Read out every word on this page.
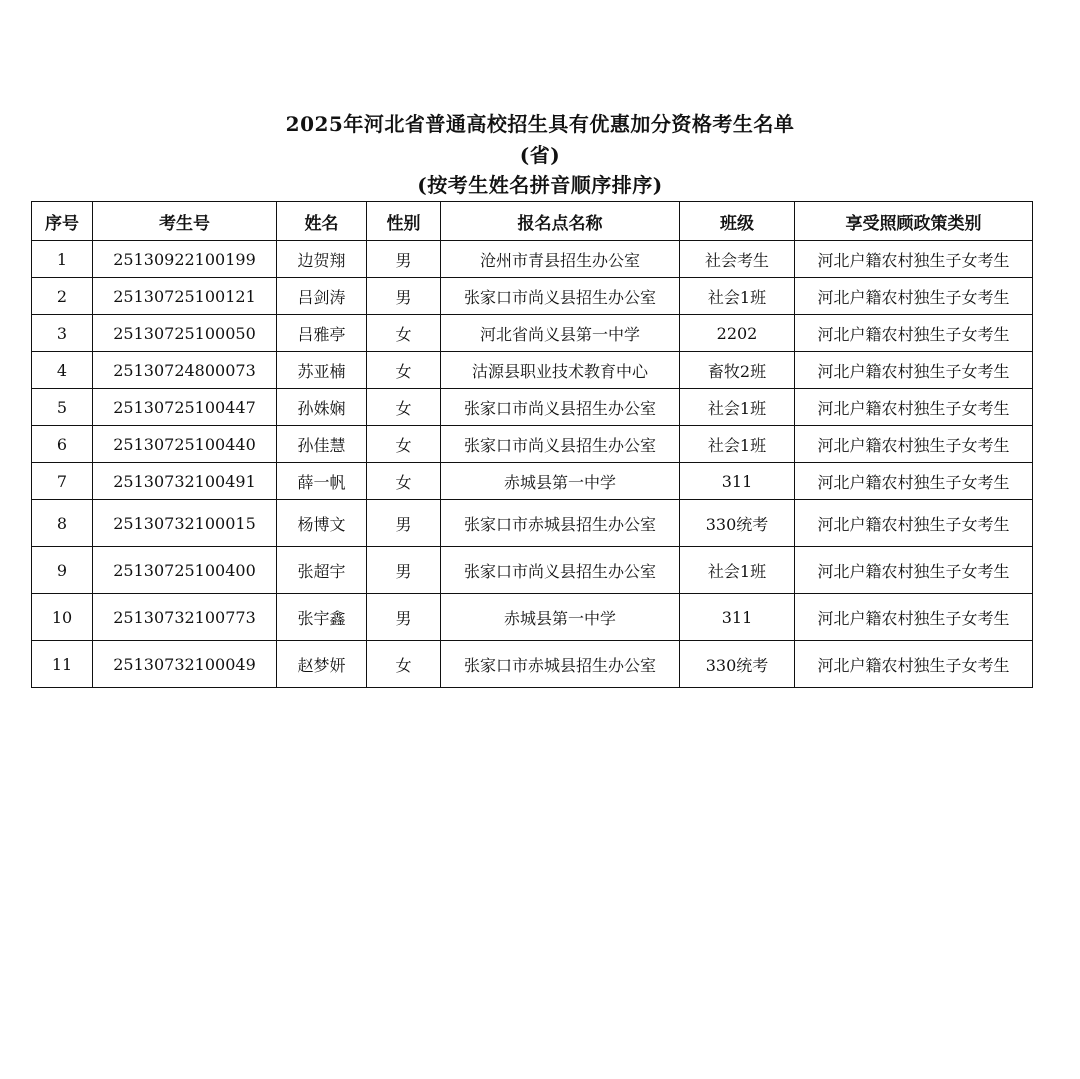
2025年河北省普通高校招生具有优惠加分资格考生名单
(省)
(按考生姓名拼音顺序排序)
序号	考生号	姓名	性别	报名点名称	班级	享受照顾政策类别
1	25130922100199	边贺翔	男	沧州市青县招生办公室	社会考生	河北户籍农村独生子女考生
2	25130725100121	吕剑涛	男	张家口市尚义县招生办公室	社会1班	河北户籍农村独生子女考生
3	25130725100050	吕雅亭	女	河北省尚义县第一中学	2202	河北户籍农村独生子女考生
4	25130724800073	苏亚楠	女	沽源县职业技术教育中心	畜牧2班	河北户籍农村独生子女考生
5	25130725100447	孙姝娴	女	张家口市尚义县招生办公室	社会1班	河北户籍农村独生子女考生
6	25130725100440	孙佳慧	女	张家口市尚义县招生办公室	社会1班	河北户籍农村独生子女考生
7	25130732100491	薛一帆	女	赤城县第一中学	311	河北户籍农村独生子女考生
8	25130732100015	杨博文	男	张家口市赤城县招生办公室	330统考	河北户籍农村独生子女考生
9	25130725100400	张超宇	男	张家口市尚义县招生办公室	社会1班	河北户籍农村独生子女考生
10	25130732100773	张宇鑫	男	赤城县第一中学	311	河北户籍农村独生子女考生
11	25130732100049	赵梦妍	女	张家口市赤城县招生办公室	330统考	河北户籍农村独生子女考生
